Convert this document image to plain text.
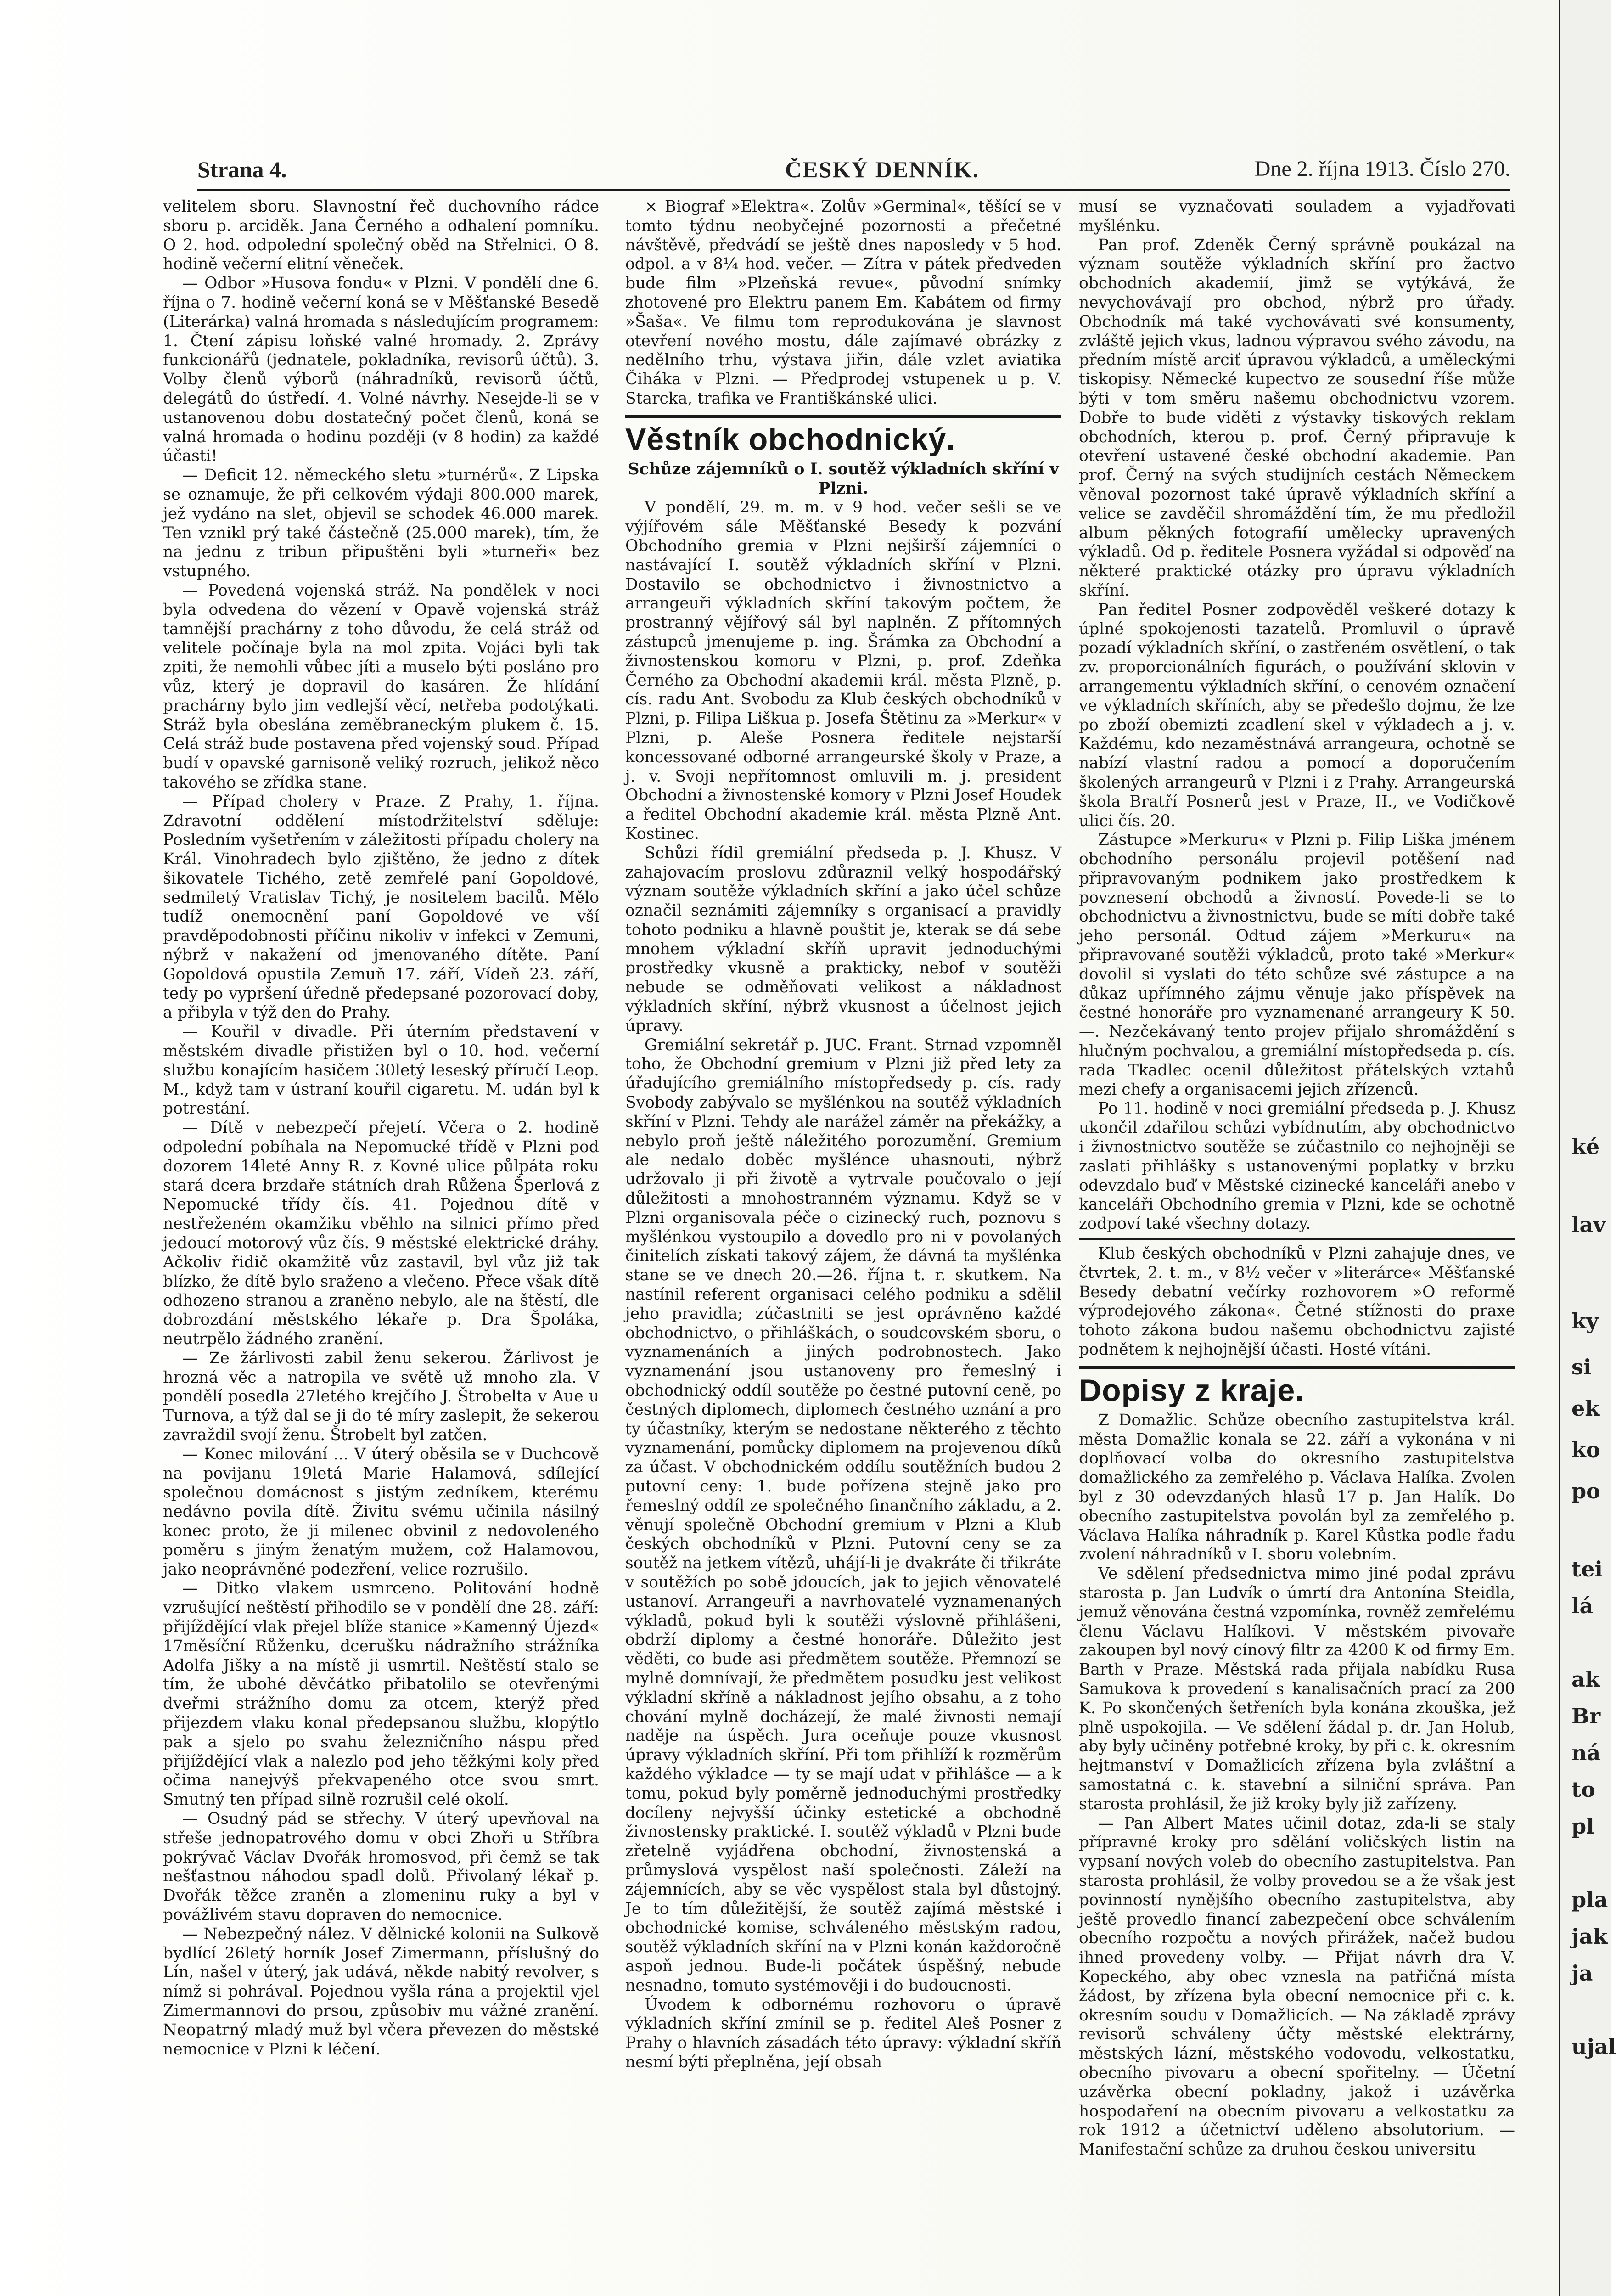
Strana 4.	ČESKÝ DENNÍK.	Dne 2. října 1913. Číslo 270.

velitelem sboru. Slavnostní řeč duchovního rádce sboru p. arciděk. Jana Černého a odhalení pomníku. O 2. hod. odpolední společný oběd na Střelnici. O 8. hodině večerní elitní věneček.

— Odbor »Husova fondu« v Plzni. V pondělí dne 6. října o 7. hodině večerní koná se v Měšťanské Besedě (Literárka) valná hromada s následujícím programem: 1. Čtení zápisu loňské valné hromady. 2. Zprávy funkcionářů (jednatele, pokladníka, revisorů účtů). 3. Volby členů výborů (náhradníků, revisorů účtů, delegátů do ústředí. 4. Volné návrhy. Nesejde-li se v ustanovenou dobu dostatečný počet členů, koná se valná hromada o hodinu později (v 8 hodin) za každé účasti!

— Deficit 12. německého sletu »turnérů«. Z Lipska se oznamuje, že při celkovém výdaji 800.000 marek, jež vydáno na slet, objevil se schodek 46.000 marek. Ten vznikl prý také částečně (25.000 marek), tím, že na jednu z tribun připuštěni byli »turneři« bez vstupného.

— Povedená vojenská stráž. Na pondělek v noci byla odvedena do vězení v Opavě vojenská stráž tamnější prachárny z toho důvodu, že celá stráž od velitele počínaje byla na mol zpita. Vojáci byli tak zpiti, že nemohli vůbec jíti a muselo býti posláno pro vůz, který je dopravil do kasáren. Že hlídání prachárny bylo jim vedlejší věcí, netřeba podotýkati. Stráž byla obeslána zeměbraneckým plukem č. 15. Celá stráž bude postavena před vojenský soud. Případ budí v opavské garnisoně veliký rozruch, jelikož něco takového se zřídka stane.

— Případ cholery v Praze. Z Prahy, 1. října. Zdravotní oddělení místodržitelství sděluje: Posledním vyšetřením v záležitosti případu cholery na Král. Vinohradech bylo zjištěno, že jedno z dítek šikovatele Tichého, zetě zemřelé paní Gopoldové, sedmiletý Vratislav Tichý, je nositelem bacilů. Mělo tudíž onemocnění paní Gopoldové ve vší pravděpodobnosti příčinu nikoliv v infekci v Zemuni, nýbrž v nakažení od jmenovaného dítěte. Paní Gopoldová opustila Zemuň 17. září, Vídeň 23. září, tedy po vypršení úředně předepsané pozorovací doby, a přibyla v týž den do Prahy.

— Kouřil v divadle. Při úterním představení v městském divadle přistižen byl o 10. hod. večerní službu konajícím hasičem 30letý leseský příručí Leop. M., když tam v ústraní kouřil cigaretu. M. udán byl k potrestání.

— Dítě v nebezpečí přejetí. Včera o 2. hodině odpolední pobíhala na Nepomucké třídě v Plzni pod dozorem 14leté Anny R. z Kovné ulice půlpáta roku stará dcera brzdaře státních drah Růžena Šperlová z Nepomucké třídy čís. 41. Pojednou dítě v nestřeženém okamžiku vběhlo na silnici přímo před jedoucí motorový vůz čís. 9 městské elektrické dráhy. Ačkoliv řidič okamžitě vůz zastavil, byl vůz již tak blízko, že dítě bylo sraženo a vlečeno. Přece však dítě odhozeno stranou a zraněno nebylo, ale na štěstí, dle dobrozdání městského lékaře p. Dra Špoláka, neutrpělo žádného zranění.

— Ze žárlivosti zabil ženu sekerou. Žárlivost je hrozná věc a natropila ve světě už mnoho zla. V pondělí posedla 27letého krejčího J. Štrobelta v Aue u Turnova, a týž dal se ji do té míry zaslepit, že sekerou zavraždil svojí ženu. Štrobelt byl zatčen.

— Konec milování ... V úterý oběsila se v Duchcově na povijanu 19letá Marie Halamová, sdílející společnou domácnost s jistým zedníkem, kterému nedávno povila dítě. Živitu svému učinila násilný konec proto, že ji milenec obvinil z nedovoleného poměru s jiným ženatým mužem, což Halamovou, jako neoprávněné podezření, velice rozrušilo.

— Ditko vlakem usmrceno. Politování hodně vzrušující neštěstí přihodilo se v pondělí dne 28. září: přijíždějící vlak přejel blíže stanice »Kamenný Újezd« 17měsíční Růženku, dcerušku nádražního strážníka Adolfa Jišky a na místě ji usmrtil. Neštěstí stalo se tím, že ubohé děvčátko přibatolilo se otevřenými dveřmi strážního domu za otcem, kterýž před přijezdem vlaku konal předepsanou službu, klopýtlo pak a sjelo po svahu železničního náspu před přijíždějící vlak a nalezlo pod jeho těžkými koly před očima nanejvýš překvapeného otce svou smrt. Smutný ten případ silně rozrušil celé okolí.

— Osudný pád se střechy. V úterý upevňoval na střeše jednopatrového domu v obci Zhoři u Stříbra pokrývač Václav Dvořák hromosvod, při čemž se tak nešťastnou náhodou spadl dolů. Přivolaný lékař p. Dvořák těžce zraněn a zlomeninu ruky a byl v povážlivém stavu dopraven do nemocnice.

— Nebezpečný nález. V dělnické kolonii na Sulkově bydlící 26letý horník Josef Zimermann, příslušný do Lín, našel v úterý, jak udává, někde nabitý revolver, s nímž si pohrával. Pojednou vyšla rána a projektil vjel Zimermannovi do prsou, způsobiv mu vážné zranění. Neopatrný mladý muž byl včera převezen do městské nemocnice v Plzni k léčení.

× Biograf »Elektra«. Zolův »Germinal«, těšící se v tomto týdnu neobyčejné pozornosti a přečetné návštěvě, předvádí se ještě dnes naposledy v 5 hod. odpol. a v 8¼ hod. večer. — Zítra v pátek předveden bude film »Plzeňská revue«, původní snímky zhotovené pro Elektru panem Em. Kabátem od firmy »Šaša«. Ve filmu tom reprodukována je slavnost otevření nového mostu, dále zajímavé obrázky z nedělního trhu, výstava jiřin, dále vzlet aviatika Čiháka v Plzni. — Předprodej vstupenek u p. V. Starcka, trafika ve Františkánské ulici.

Věstník obchodnický.

Schůze zájemníků o I. soutěž výkladních skříní v Plzni.

V pondělí, 29. m. m. v 9 hod. večer sešli se ve výjířovém sále Měšťanské Besedy k pozvání Obchodního gremia v Plzni nejširší zájemníci o nastávající I. soutěž výkladních skříní v Plzni. Dostavilo se obchodnictvo i živnostnictvo a arrangeuři výkladních skříní takovým počtem, že prostranný vějířový sál byl naplněn. Z přítomných zástupců jmenujeme p. ing. Šrámka za Obchodní a živnostenskou komoru v Plzni, p. prof. Zdeňka Černého za Obchodní akademii král. města Plzně, p. cís. radu Ant. Svobodu za Klub českých obchodníků v Plzni, p. Filipa Liškua p. Josefa Štětinu za »Merkur« v Plzni, p. Aleše Posnera ředitele nejstarší koncessované odborné arrangeurské školy v Praze, a j. v. Svoji nepřítomnost omluvili m. j. president Obchodní a živnostenské komory v Plzni Josef Houdek a ředitel Obchodní akademie král. města Plzně Ant. Kostinec.

Schůzi řídil gremiální předseda p. J. Khusz. V zahajovacím proslovu zdůraznil velký hospodářský význam soutěže výkladních skříní a jako účel schůze označil seznámiti zájemníky s organisací a pravidly tohoto podniku a hlavně pouštit je, kterak se dá sebe mnohem výkladní skříň upravit jednoduchými prostředky vkusně a prakticky, nebof v soutěži nebude se odměňovati velikost a nákladnost výkladních skříní, nýbrž vkusnost a účelnost jejich úpravy.

Gremiální sekretář p. JUC. Frant. Strnad vzpomněl toho, že Obchodní gremium v Plzni již před lety za úřadujícího gremiálního místopředsedy p. cís. rady Svobody zabývalo se myšlénkou na soutěž výkladních skříní v Plzni. Tehdy ale narážel záměr na překážky, a nebylo proň ještě náležitého porozumění. Gremium ale nedalo doběc myšlénce uhasnouti, nýbrž udržovalo ji při životě a vytrvale poučovalo o její důležitosti a mnohostranném významu. Když se v Plzni organisovala péče o cizinecký ruch, poznovu s myšlénkou vystoupilo a dovedlo pro ni v povolaných činitelích získati takový zájem, že dávná ta myšlénka stane se ve dnech 20.—26. října t. r. skutkem. Na nastínil referent organisaci celého podniku a sdělil jeho pravidla; zúčastniti se jest oprávněno každé obchodnictvo, o přihláškách, o soudcovském sboru, o vyznamenáních a jiných podrobnostech. Jako vyznamenání jsou ustanoveny pro řemeslný i obchodnický oddíl soutěže po čestné putovní ceně, po čestných diplomech, diplomech čestného uznání a pro ty účastníky, kterým se nedostane některého z těchto vyznamenání, pomůcky diplomem na projevenou díků za účast. V obchodnickém oddílu soutěžních budou 2 putovní ceny: 1. bude pořízena stejně jako pro řemeslný oddíl ze společného finančního základu, a 2. věnují společně Obchodní gremium v Plzni a Klub českých obchodníků v Plzni. Putovní ceny se za soutěž na jetkem vítězů, uhájí-li je dvakráte či třikráte v soutěžích po sobě jdoucích, jak to jejich věnovatelé ustanoví. Arrangeuři a navrhovatelé vyznamenaných výkladů, pokud byli k soutěži výslovně přihlášeni, obdrží diplomy a čestné honoráře. Důležito jest věděti, co bude asi předmětem soutěže. Přemnozí se mylně domnívají, že předmětem posudku jest velikost výkladní skříně a nákladnost jejího obsahu, a z toho chování mylně docházejí, že malé živnosti nemají naděje na úspěch. Jura oceňuje pouze vkusnost úpravy výkladních skříní. Při tom přihlíží k rozměrům každého výkladce — ty se mají udat v přihlášce — a k tomu, pokud byly poměrně jednoduchými prostředky docíleny nejvyšší účinky estetické a obchodně živnostensky praktické. I. soutěž výkladů v Plzni bude zřetelně vyjádřena obchodní, živnostenská a průmyslová vyspělost naší společnosti. Záleží na zájemnících, aby se věc vyspělost stala byl důstojný. Je to tím důležitější, že soutěž zajímá městské i obchodnické komise, schváleného městským radou, soutěž výkladních skříní na v Plzni konán každoročně aspoň jednou. Bude-li počátek úspěšný, nebude nesnadno, tomuto systémověji i do budoucnosti.

Úvodem k odbornému rozhovoru o úpravě výkladních skříní zmínil se p. ředitel Aleš Posner z Prahy o hlavních zásadách této úpravy: výkladní skříň nesmí býti přeplněna, její obsah

musí se vyznačovati souladem a vyjadřovati myšlénku.

Pan prof. Zdeněk Černý správně poukázal na význam soutěže výkladních skříní pro žactvo obchodních akademií, jimž se vytýkává, že nevychovávají pro obchod, nýbrž pro úřady. Obchodník má také vychovávati své konsumenty, zvláště jejich vkus, ladnou výpravou svého závodu, na předním místě arciť úpravou výkladců, a uměleckými tiskopisy. Německé kupectvo ze sousední říše může býti v tom směru našemu obchodnictvu vzorem. Dobře to bude viděti z výstavky tiskových reklam obchodních, kterou p. prof. Černý připravuje k otevření ustavené české obchodní akademie. Pan prof. Černý na svých studijních cestách Německem věnoval pozornost také úpravě výkladních skříní a velice se zavděčil shromáždění tím, že mu předložil album pěkných fotografií umělecky upravených výkladů. Od p. ředitele Posnera vyžádal si odpověď na některé praktické otázky pro úpravu výkladních skříní.

Pan ředitel Posner zodpověděl veškeré dotazy k úplné spokojenosti tazatelů. Promluvil o úpravě pozadí výkladních skříní, o zastřeném osvětlení, o tak zv. proporcionálních figurách, o používání sklovin v arrangementu výkladních skříní, o cenovém označení ve výkladních skříních, aby se předešlo dojmu, že lze po zboží obemizti zcadlení skel v výkladech a j. v. Každému, kdo nezaměstnává arrangeura, ochotně se nabízí vlastní radou a pomocí a doporučením školených arrangeurů v Plzni i z Prahy. Arrangeurská škola Bratří Posnerů jest v Praze, II., ve Vodičkově ulici čís. 20.

Zástupce »Merkuru« v Plzni p. Filip Liška jménem obchodního personálu projevil potěšení nad připravovaným podnikem jako prostředkem k povznesení obchodů a živností. Povede-li se to obchodnictvu a živnostnictvu, bude se míti dobře také jeho personál. Odtud zájem »Merkuru« na připravované soutěži výkladců, proto také »Merkur« dovolil si vyslati do této schůze své zástupce a na důkaz upřímného zájmu věnuje jako příspěvek na čestné honoráře pro vyznamenané arrangeury K 50.—. Nezčekávaný tento projev přijalo shromáždění s hlučným pochvalou, a gremiální místopředseda p. cís. rada Tkadlec ocenil důležitost přátelských vztahů mezi chefy a organisacemi jejich zřízenců.

Po 11. hodině v noci gremiální předseda p. J. Khusz ukončil zdařilou schůzi vybídnutím, aby obchodnictvo i živnostnictvo soutěže se zúčastnilo co nejhojněji se zaslati přihlášky s ustanovenými poplatky v brzku odevzdalo buď v Městské cizinecké kanceláři anebo v kanceláři Obchodního gremia v Plzni, kde se ochotně zodpoví také všechny dotazy.

Klub českých obchodníků v Plzni zahajuje dnes, ve čtvrtek, 2. t. m., v 8½ večer v »literárce« Měšťanské Besedy debatní večírky rozhovorem »O reformě výprodejového zákona«. Četné stížnosti do praxe tohoto zákona budou našemu obchodnictvu zajisté podnětem k nejhojnější účasti. Hosté vítáni.

Dopisy z kraje.

Z Domažlic. Schůze obecního zastupitelstva král. města Domažlic konala se 22. září a vykonána v ni doplňovací volba do okresního zastupitelstva domažlického za zemřelého p. Václava Halíka. Zvolen byl z 30 odevzdaných hlasů 17 p. Jan Halík. Do obecního zastupitelstva povolán byl za zemřelého p. Václava Halíka náhradník p. Karel Kůstka podle řadu zvolení náhradníků v I. sboru volebním.

Ve sdělení předsednictva mimo jiné podal zprávu starosta p. Jan Ludvík o úmrtí dra Antonína Steidla, jemuž věnována čestná vzpomínka, rovněž zemřelému členu Václavu Halíkovi. V městském pivovaře zakoupen byl nový cínový filtr za 4200 K od firmy Em. Barth v Praze. Městská rada přijala nabídku Rusa Samukova k provedení s kanalisačních prací za 200 K. Po skončených šetřeních byla konána zkouška, jež plně uspokojila. — Ve sdělení žádal p. dr. Jan Holub, aby byly učiněny potřebné kroky, by při c. k. okresním hejtmanství v Domažlicích zřízena byla zvláštní a samostatná c. k. stavební a silniční správa. Pan starosta prohlásil, že již kroky byly již zařízeny.

— Pan Albert Mates učinil dotaz, zda-li se staly přípravné kroky pro sdělání voličských listin na vypsaní nových voleb do obecního zastupitelstva. Pan starosta prohlásil, že volby provedou se a že však jest povinností nynějšího obecního zastupitelstva, aby ještě provedlo financí zabezpečení obce schválením obecního rozpočtu a nových přirážek, načež budou ihned provedeny volby. — Přijat návrh dra V. Kopeckého, aby obec vznesla na patřičná místa žádost, by zřízena byla obecní nemocnice při c. k. okresním soudu v Domažlicích. — Na základě zprávy revisorů schváleny účty městské elektrárny, městských lázní, městského vodovodu, velkostatku, obecního pivovaru a obecní spořitelny. — Účetní uzávěrka obecní pokladny, jakož i uzávěrka hospodaření na obecním pivovaru a velkostatku za rok 1912 a účetnictví uděleno absolutorium. — Manifestační schůze za druhou českou universitu

ké
lav
ky
si
ek
ko
po
tei
lá
ak
Br
ná
to
pl
pla
jak
ja
ujal
